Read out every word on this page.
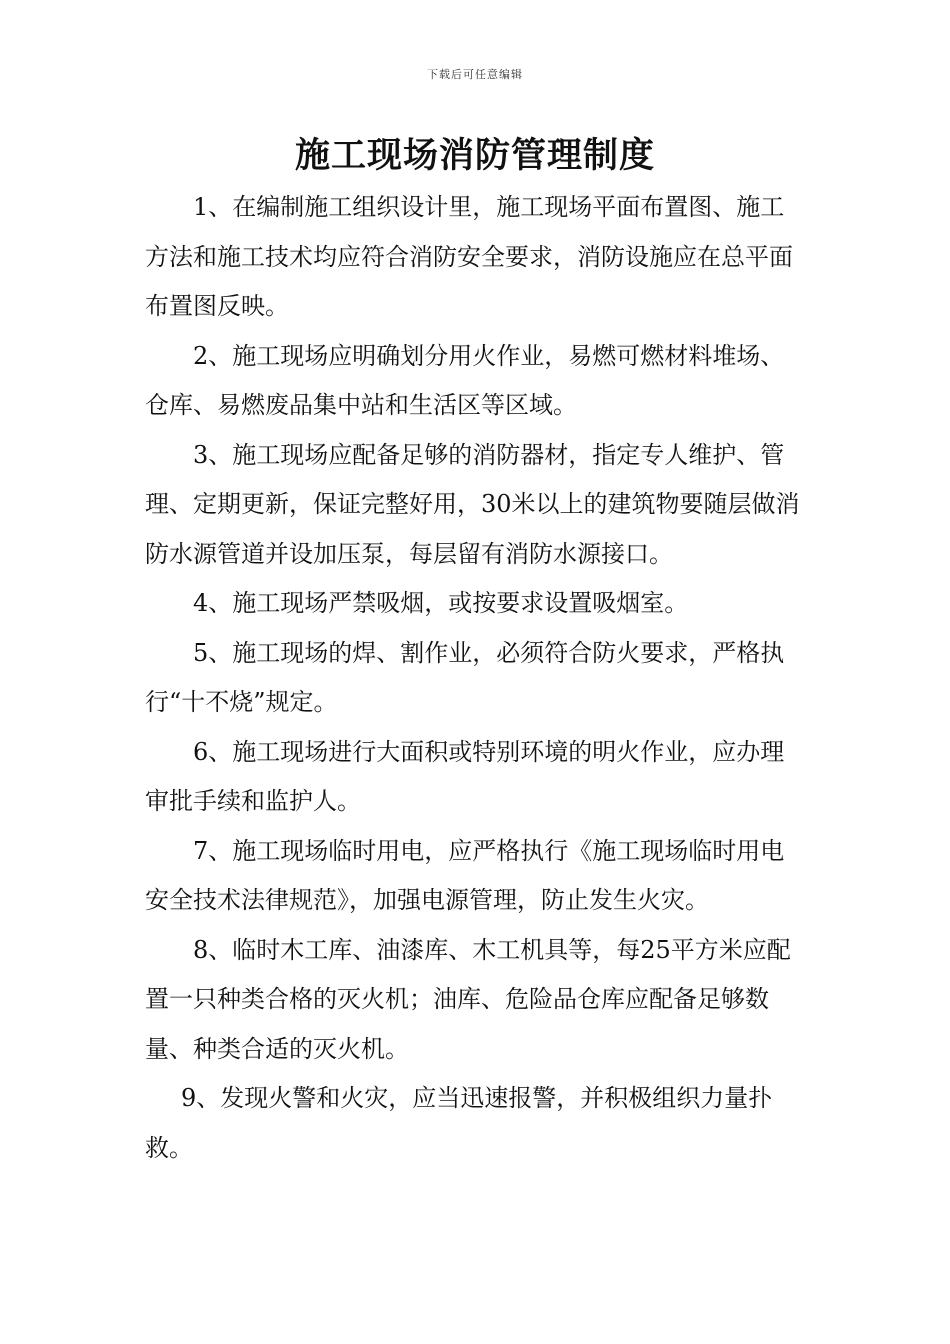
下载后可任意编辑
施工现场消防管理制度

1、在编制施工组织设计里，施工现场平面布置图、施工方法和施工技术均应符合消防安全要求，消防设施应在总平面布置图反映。

2、施工现场应明确划分用火作业，易燃可燃材料堆场、仓库、易燃废品集中站和生活区等区域。

3、施工现场应配备足够的消防器材，指定专人维护、管理、定期更新，保证完整好用，30米以上的建筑物要随层做消防水源管道并设加压泵，每层留有消防水源接口。

4、施工现场严禁吸烟，或按要求设置吸烟室。

5、施工现场的焊、割作业，必须符合防火要求，严格执行“十不烧”规定。

6、施工现场进行大面积或特别环境的明火作业，应办理审批手续和监护人。

7、施工现场临时用电，应严格执行《施工现场临时用电安全技术法律规范》，加强电源管理，防止发生火灾。

8、临时木工库、油漆库、木工机具等，每25平方米应配置一只种类合格的灭火机；油库、危险品仓库应配备足够数量、种类合适的灭火机。

9、发现火警和火灾，应当迅速报警，并积极组织力量扑救。
